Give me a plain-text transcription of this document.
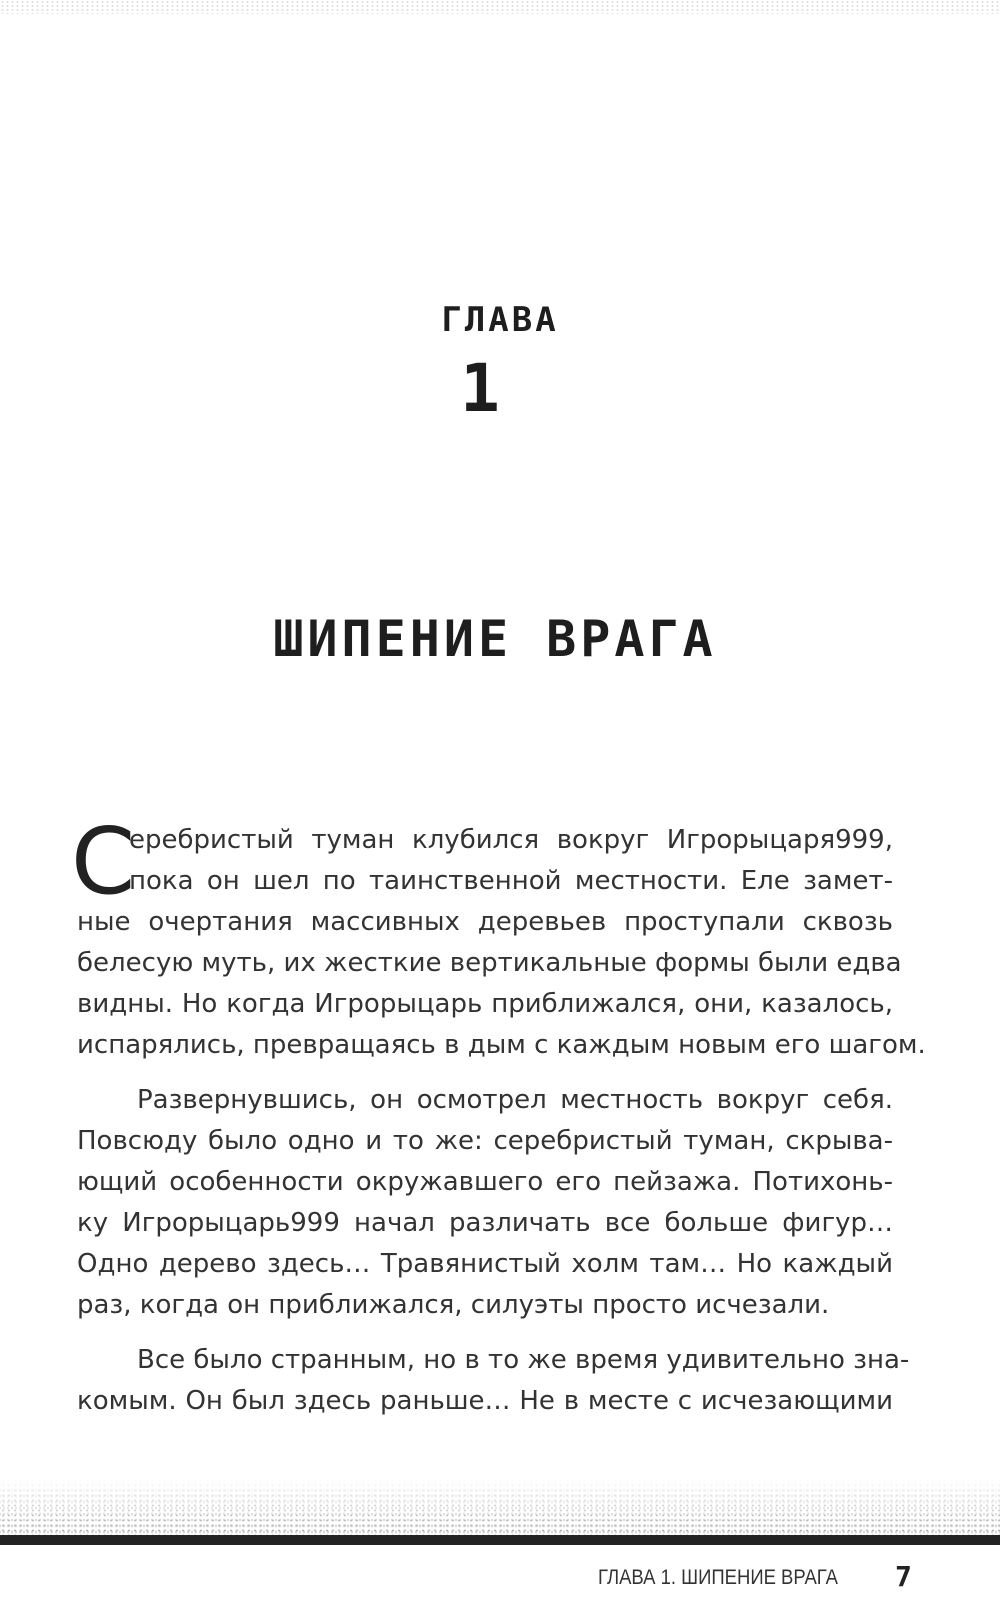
ГЛАВА
1
ШИПЕНИЕ ВРАГА
С
еребристый туман клубился вокруг Игрорыцаря999,
пока он шел по таинственной местности. Еле замет-
ные очертания массивных деревьев проступали сквозь
белесую муть, их жесткие вертикальные формы были едва
видны. Но когда Игрорыцарь приближался, они, казалось,
испарялись, превращаясь в дым с каждым новым его шагом.
Развернувшись, он осмотрел местность вокруг себя.
Повсюду было одно и то же: серебристый туман, скрыва-
ющий особенности окружавшего его пейзажа. Потихонь-
ку Игрорыцарь999 начал различать все больше фигур…
Одно дерево здесь… Травянистый холм там… Но каждый
раз, когда он приближался, силуэты просто исчезали.
Все было странным, но в то же время удивительно зна-
комым. Он был здесь раньше… Не в месте с исчезающими
ГЛАВА 1. ШИПЕНИЕ ВРАГА 7
